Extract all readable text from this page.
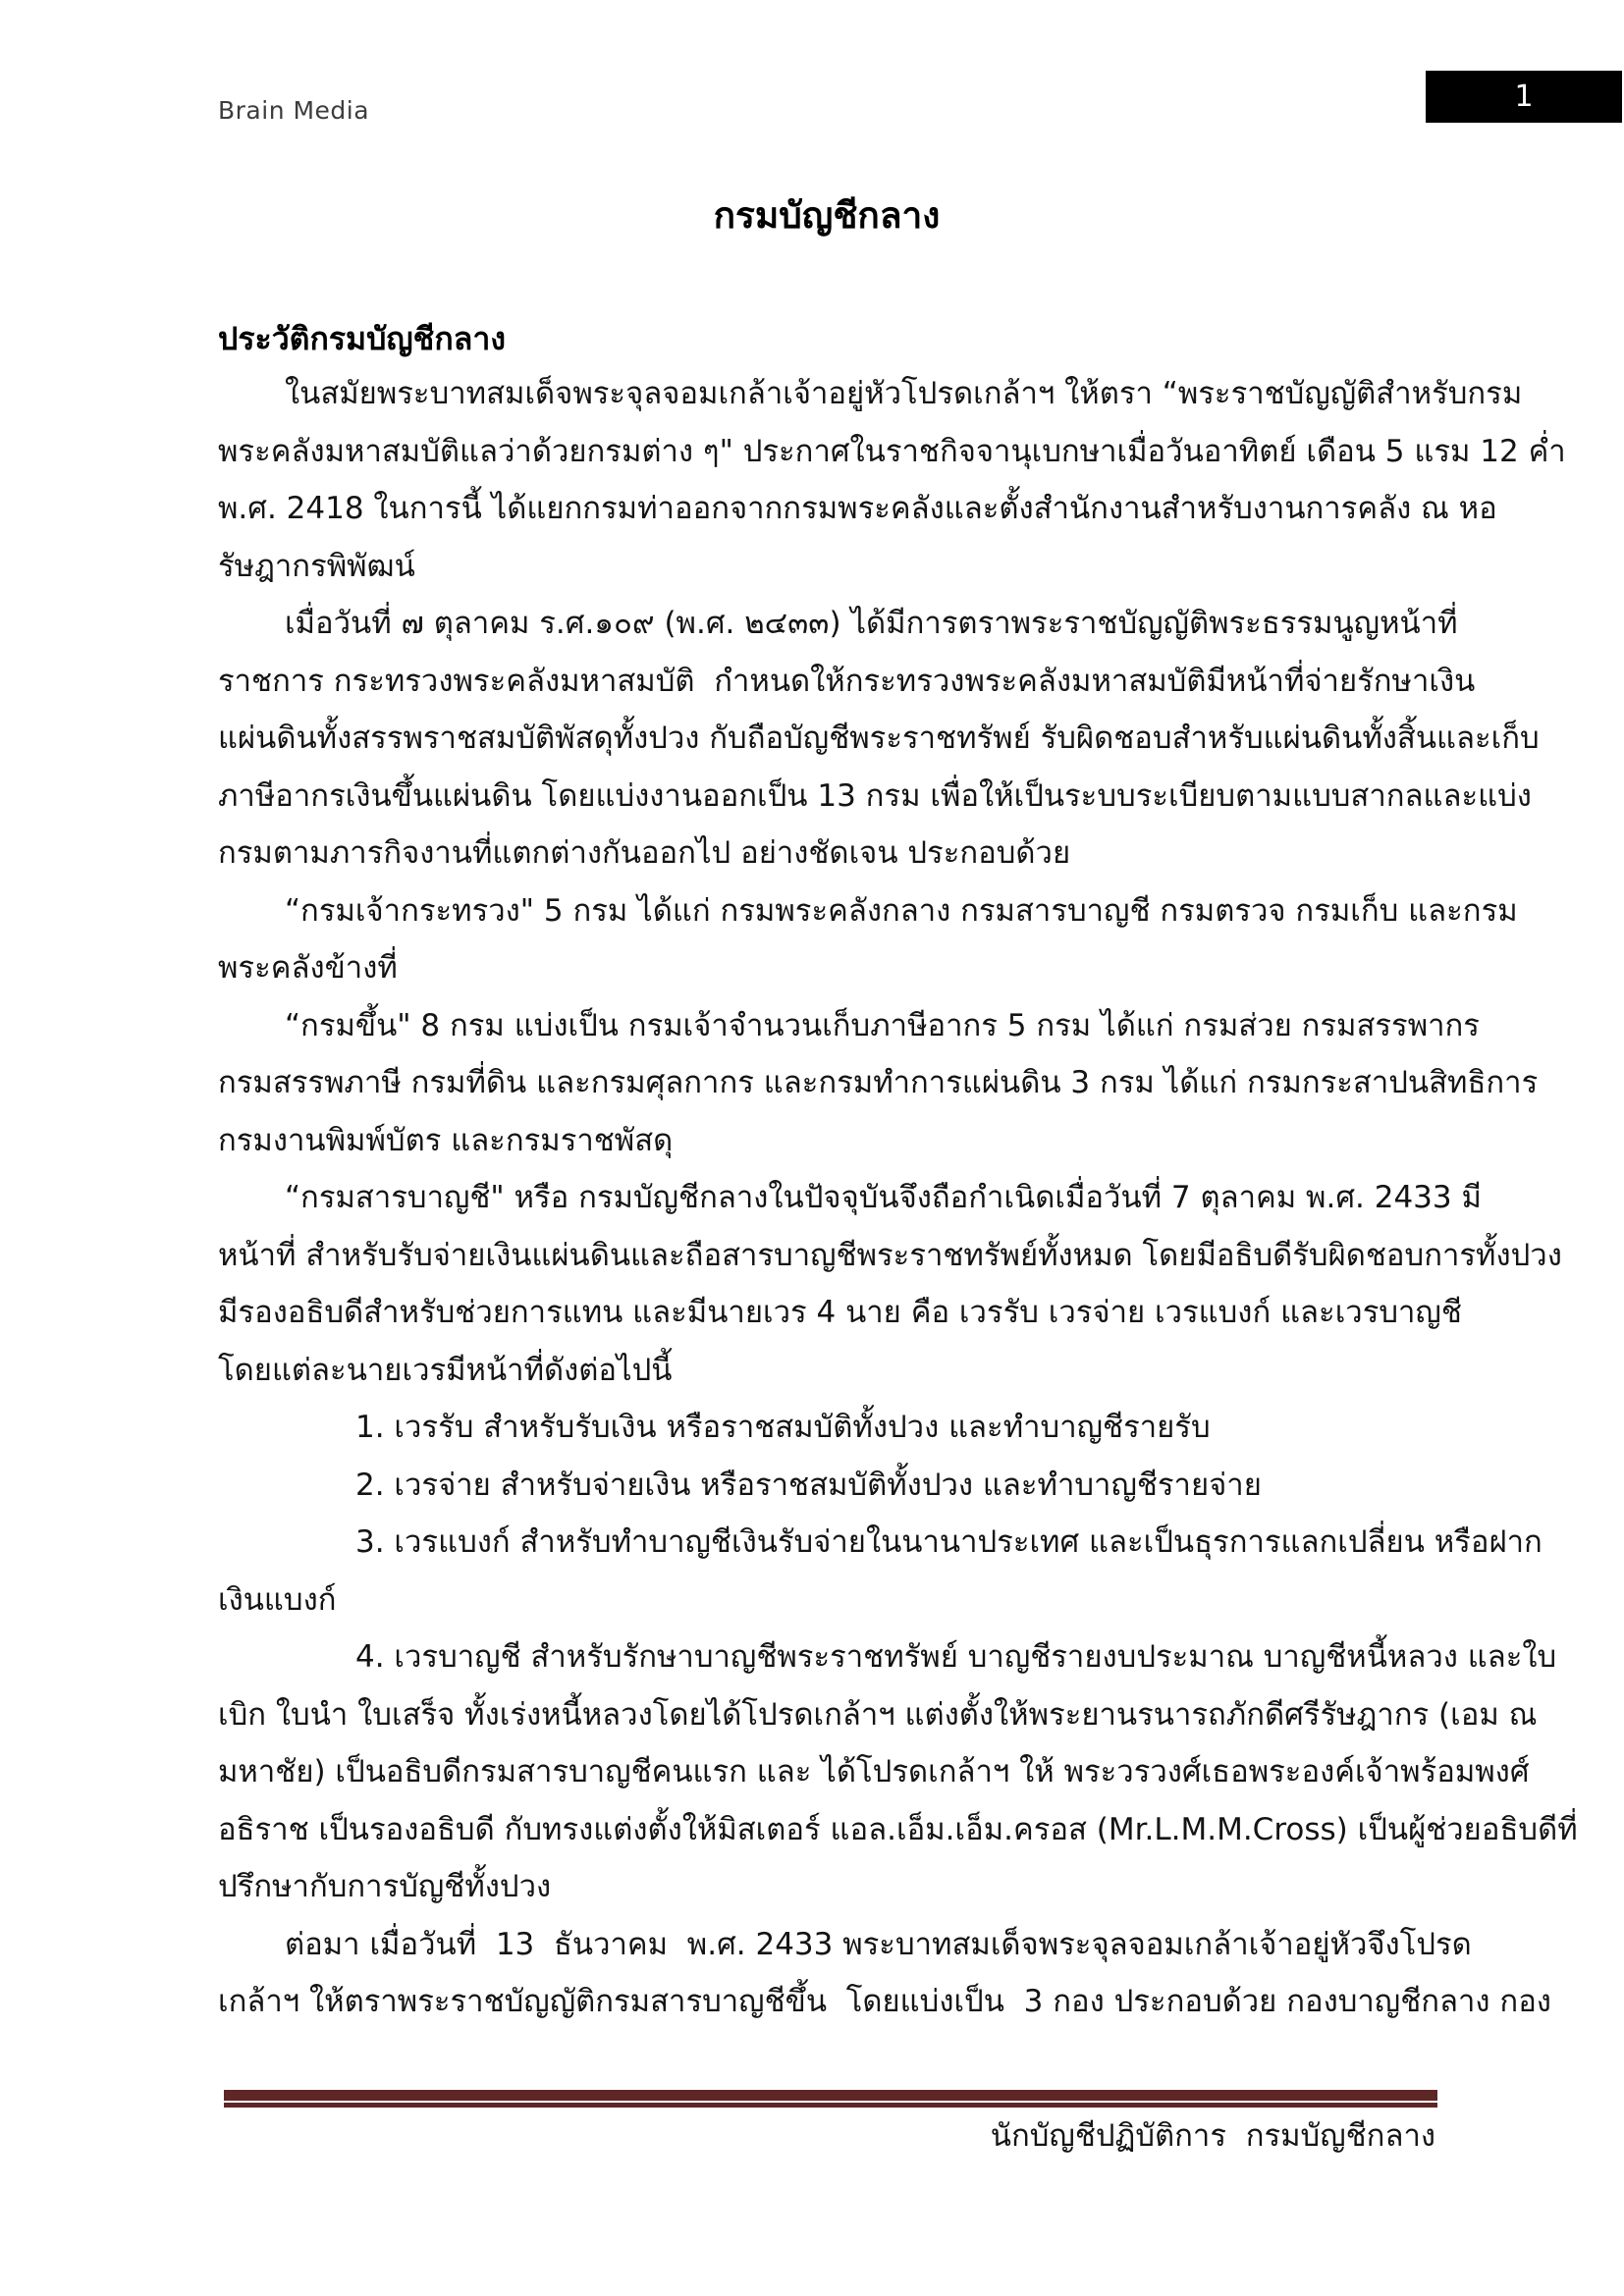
Brain Media	1
กรมบัญชีกลาง
ประวัติกรมบัญชีกลาง
ในสมัยพระบาทสมเด็จพระจุลจอมเกล้าเจ้าอยู่หัวโปรดเกล้าฯ ให้ตรา “พระราชบัญญัติสำหรับกรม
พระคลังมหาสมบัติแลว่าด้วยกรมต่าง ๆ" ประกาศในราชกิจจานุเบกษาเมื่อวันอาทิตย์ เดือน 5 แรม 12 ค่ำ
พ.ศ. 2418 ในการนี้ ได้แยกกรมท่าออกจากกรมพระคลังและตั้งสำนักงานสำหรับงานการคลัง ณ หอ
รัษฎากรพิพัฒน์
เมื่อวันที่ ๗ ตุลาคม ร.ศ.๑๐๙ (พ.ศ. ๒๔๓๓) ได้มีการตราพระราชบัญญัติพระธรรมนูญหน้าที่
ราชการ กระทรวงพระคลังมหาสมบัติ  กำหนดให้กระทรวงพระคลังมหาสมบัติมีหน้าที่จ่ายรักษาเงิน
แผ่นดินทั้งสรรพราชสมบัติพัสดุทั้งปวง กับถือบัญชีพระราชทรัพย์ รับผิดชอบสำหรับแผ่นดินทั้งสิ้นและเก็บ
ภาษีอากรเงินขึ้นแผ่นดิน โดยแบ่งงานออกเป็น 13 กรม เพื่อให้เป็นระบบระเบียบตามแบบสากลและแบ่ง
กรมตามภารกิจงานที่แตกต่างกันออกไป อย่างชัดเจน ประกอบด้วย
“กรมเจ้ากระทรวง" 5 กรม ได้แก่ กรมพระคลังกลาง กรมสารบาญชี กรมตรวจ กรมเก็บ และกรม
พระคลังข้างที่
“กรมขึ้น" 8 กรม แบ่งเป็น กรมเจ้าจำนวนเก็บภาษีอากร 5 กรม ได้แก่ กรมส่วย กรมสรรพากร
กรมสรรพภาษี กรมที่ดิน และกรมศุลกากร และกรมทำการแผ่นดิน 3 กรม ได้แก่ กรมกระสาปนสิทธิการ
กรมงานพิมพ์บัตร และกรมราชพัสดุ
“กรมสารบาญชี" หรือ กรมบัญชีกลางในปัจจุบันจึงถือกำเนิดเมื่อวันที่ 7 ตุลาคม พ.ศ. 2433 มี
หน้าที่ สำหรับรับจ่ายเงินแผ่นดินและถือสารบาญชีพระราชทรัพย์ทั้งหมด โดยมีอธิบดีรับผิดชอบการทั้งปวง
มีรองอธิบดีสำหรับช่วยการแทน และมีนายเวร 4 นาย คือ เวรรับ เวรจ่าย เวรแบงก์ และเวรบาญชี
โดยแต่ละนายเวรมีหน้าที่ดังต่อไปนี้
1. เวรรับ สำหรับรับเงิน หรือราชสมบัติทั้งปวง และทำบาญชีรายรับ
2. เวรจ่าย สำหรับจ่ายเงิน หรือราชสมบัติทั้งปวง และทำบาญชีรายจ่าย
3. เวรแบงก์ สำหรับทำบาญชีเงินรับจ่ายในนานาประเทศ และเป็นธุรการแลกเปลี่ยน หรือฝาก
เงินแบงก์
4. เวรบาญชี สำหรับรักษาบาญชีพระราชทรัพย์ บาญชีรายงบประมาณ บาญชีหนี้หลวง และใบ
เบิก ใบนำ ใบเสร็จ ทั้งเร่งหนี้หลวงโดยได้โปรดเกล้าฯ แต่งตั้งให้พระยานรนารถภักดีศรีรัษฎากร (เอม ณ
มหาชัย) เป็นอธิบดีกรมสารบาญชีคนแรก และ ได้โปรดเกล้าฯ ให้ พระวรวงศ์เธอพระองค์เจ้าพร้อมพงศ์
อธิราช เป็นรองอธิบดี กับทรงแต่งตั้งให้มิสเตอร์ แอล.เอ็ม.เอ็ม.ครอส (Mr.L.M.M.Cross) เป็นผู้ช่วยอธิบดีที่
ปรึกษากับการบัญชีทั้งปวง
ต่อมา เมื่อวันที่  13  ธันวาคม  พ.ศ. 2433 พระบาทสมเด็จพระจุลจอมเกล้าเจ้าอยู่หัวจึงโปรด
เกล้าฯ ให้ตราพระราชบัญญัติกรมสารบาญชีขึ้น  โดยแบ่งเป็น  3 กอง ประกอบด้วย กองบาญชีกลาง กอง
นักบัญชีปฏิบัติการ  กรมบัญชีกลาง
